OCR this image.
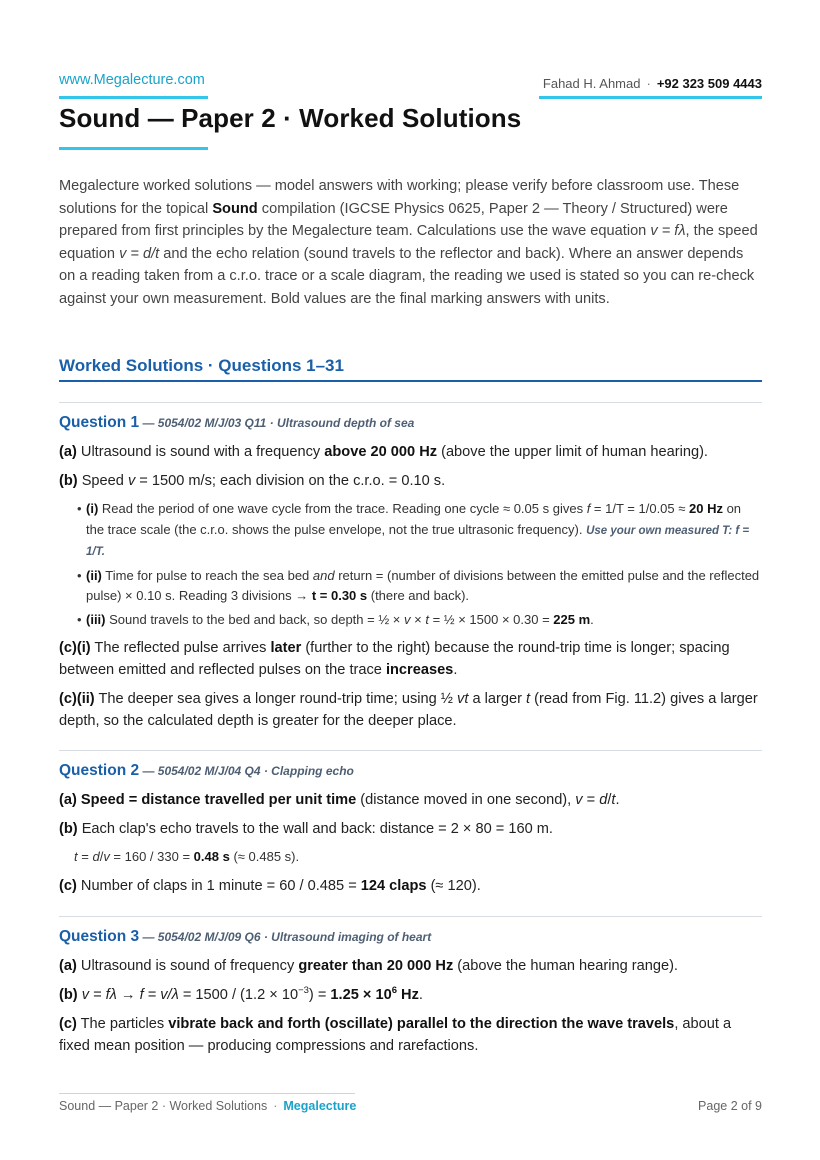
www.Megalecture.com	Fahad H. Ahmad · +92 323 509 4443
Sound — Paper 2 · Worked Solutions
Megalecture worked solutions — model answers with working; please verify before classroom use. These solutions for the topical Sound compilation (IGCSE Physics 0625, Paper 2 — Theory / Structured) were prepared from first principles by the Megalecture team. Calculations use the wave equation v = fλ, the speed equation v = d/t and the echo relation (sound travels to the reflector and back). Where an answer depends on a reading taken from a c.r.o. trace or a scale diagram, the reading we used is stated so you can re-check against your own measurement. Bold values are the final marking answers with units.
Worked Solutions · Questions 1–31
Question 1 — 5054/02 M/J/03 Q11 · Ultrasound depth of sea

(a) Ultrasound is sound with a frequency above 20 000 Hz (above the upper limit of human hearing).

(b) Speed v = 1500 m/s; each division on the c.r.o. = 0.10 s.

• (i) Read the period of one wave cycle from the trace. Reading one cycle ≈ 0.05 s gives f = 1/T = 1/0.05 ≈ 20 Hz on the trace scale (the c.r.o. shows the pulse envelope, not the true ultrasonic frequency). Use your own measured T: f = 1/T.
• (ii) Time for pulse to reach the sea bed and return = (number of divisions between the emitted pulse and the reflected pulse) × 0.10 s. Reading 3 divisions → t = 0.30 s (there and back).
• (iii) Sound travels to the bed and back, so depth = ½ × v × t = ½ × 1500 × 0.30 = 225 m.

(c)(i) The reflected pulse arrives later (further to the right) because the round-trip time is longer; spacing between emitted and reflected pulses on the trace increases.

(c)(ii) The deeper sea gives a longer round-trip time; using ½ vt a larger t (read from Fig. 11.2) gives a larger depth, so the calculated depth is greater for the deeper place.

Question 2 — 5054/02 M/J/04 Q4 · Clapping echo

(a) Speed = distance travelled per unit time (distance moved in one second), v = d/t.

(b) Each clap's echo travels to the wall and back: distance = 2 × 80 = 160 m.

t = d/v = 160 / 330 = 0.48 s (≈ 0.485 s).

(c) Number of claps in 1 minute = 60 / 0.485 = 124 claps (≈ 120).

Question 3 — 5054/02 M/J/09 Q6 · Ultrasound imaging of heart

(a) Ultrasound is sound of frequency greater than 20 000 Hz (above the human hearing range).

(b) $v = f\lambda \to f = v/\lambda = 1500 / (1.2 \times 10^{-3}) = 1.25 \times 10^6$ Hz.

(c) The particles vibrate back and forth (oscillate) parallel to the direction the wave travels, about a fixed mean position — producing compressions and rarefactions.

Sound — Paper 2 · Worked Solutions · Megalecture	Page 2 of 9
